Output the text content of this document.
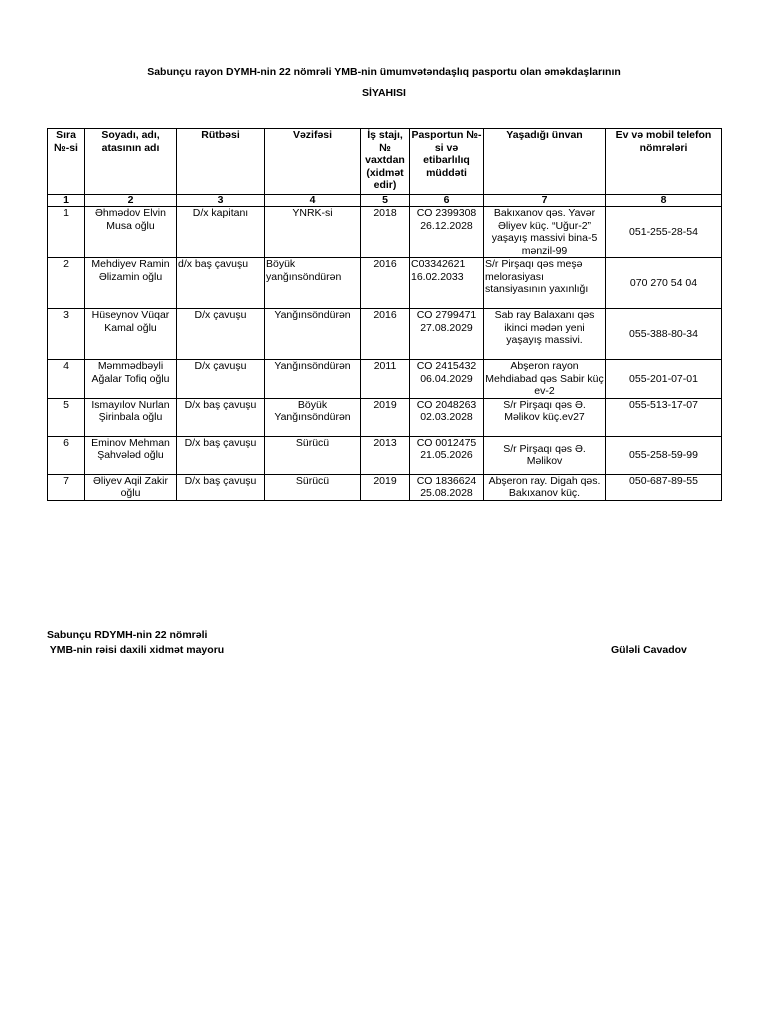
Sabunçu rayon DYMH-nin 22 nömrəli YMB-nin ümumvətəndaşlıq pasportu olan əməkdaşlarının
SİYAHISI
Sıra №-si	Soyadı, adı, atasının adı	Rütbəsi	Vəzifəsi	İş stajı, № vaxtdan (xidmət edir)	Pasportun №-si və etibarlılıq müddəti	Yaşadığı ünvan	Ev və mobil telefon nömrələri
1	2	3	4	5	6	7	8
1	Əhmədov Elvin Musa oğlu	D/x kapitanı	YNRK-si	2018	CO 2399308 26.12.2028	Bakıxanov qəs. Yavər Əliyev küç. “Uğur-2” yaşayış massivi bina-5 mənzil-99	051-255-28-54
2	Mehdiyev Ramin Əlizamin oğlu	d/x baş çavuşu	Böyük yanğınsöndürən	2016	C03342621 16.02.2033	S/r Pirşaqı qəs meşə melorasiyası stansiyasının yaxınlığı	070 270 54 04
3	Hüseynov Vüqar Kamal oğlu	D/x çavuşu	Yanğınsöndürən	2016	CO 2799471 27.08.2029	Sab ray Balaxanı qəs ikinci mədən yeni yaşayış massivi.	055-388-80-34
4	Məmmədbəyli Ağalar Tofiq oğlu	D/x çavuşu	Yanğınsöndürən	2011	CO 2415432 06.04.2029	Abşeron rayon Mehdiabad qəs Sabir küç ev-2	055-201-07-01
5	Ismayılov Nurlan Şirinbala oğlu	D/x baş çavuşu	Böyük Yanğınsöndürən	2019	CO 2048263 02.03.2028	S/r Pirşaqı qəs Ə. Məlikov küç.ev27	055-513-17-07
6	Eminov Mehman Şahvələd oğlu	D/x baş çavuşu	Sürücü	2013	CO 0012475 21.05.2026	S/r Pirşaqı qəs Ə. Məlikov	055-258-59-99
7	Əliyev Aqil Zakir oğlu	D/x baş çavuşu	Sürücü	2019	CO 1836624 25.08.2028	Abşeron ray. Digah qəs. Bakıxanov küç.	050-687-89-55
Sabunçu RDYMH-nin 22 nömrəli
YMB-nin rəisi daxili xidmət mayoru	Güləli Cavadov
